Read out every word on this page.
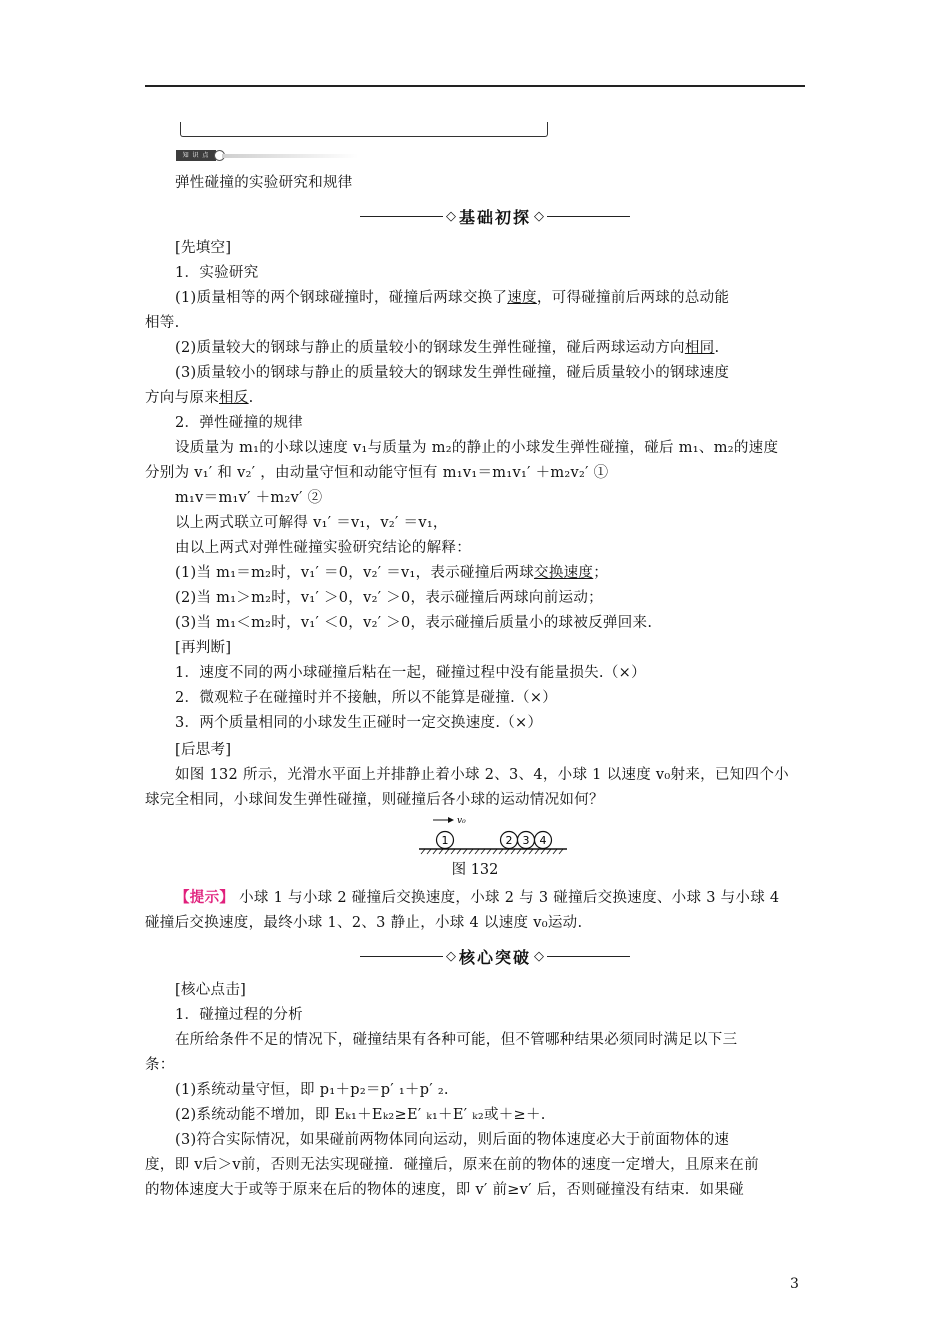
知 识 点
弹性碰撞的实验研究和规律
◇ 基础初探 ◇
[先填空]
1．实验研究
(1)质量相等的两个钢球碰撞时，碰撞后两球交换了速度，可得碰撞前后两球的总动能
相等.
(2)质量较大的钢球与静止的质量较小的钢球发生弹性碰撞，碰后两球运动方向相同.
(3)质量较小的钢球与静止的质量较大的钢球发生弹性碰撞，碰后质量较小的钢球速度
方向与原来相反.
2．弹性碰撞的规律
设质量为 m₁的小球以速度 v₁与质量为 m₂的静止的小球发生弹性碰撞，碰后 m₁、m₂的速度
分别为 v₁′ 和 v₂′ ，由动量守恒和动能守恒有 m₁v₁＝m₁v₁′ ＋m₂v₂′ ①
m₁v＝m₁v′ ＋m₂v′ ②
以上两式联立可解得 v₁′ ＝v₁，v₂′ ＝v₁，
由以上两式对弹性碰撞实验研究结论的解释：
(1)当 m₁＝m₂时，v₁′ ＝0，v₂′ ＝v₁，表示碰撞后两球交换速度；
(2)当 m₁＞m₂时，v₁′ ＞0，v₂′ ＞0，表示碰撞后两球向前运动；
(3)当 m₁＜m₂时，v₁′ ＜0，v₂′ ＞0，表示碰撞后质量小的球被反弹回来.
[再判断]
1．速度不同的两小球碰撞后粘在一起，碰撞过程中没有能量损失.（×）
2．微观粒子在碰撞时并不接触，所以不能算是碰撞.（×）
3．两个质量相同的小球发生正碰时一定交换速度.（×）
[后思考]
如图 132 所示，光滑水平面上并排静止着小球 2、3、4，小球 1 以速度 v₀射来，已知四个小
球完全相同，小球间发生弹性碰撞，则碰撞后各小球的运动情况如何？
v₀
1	2 3 4
图 132
【提示】 小球 1 与小球 2 碰撞后交换速度，小球 2 与 3 碰撞后交换速度、小球 3 与小球 4
碰撞后交换速度，最终小球 1、2、3 静止，小球 4 以速度 v₀运动.
◇ 核心突破 ◇
[核心点击]
1．碰撞过程的分析
在所给条件不足的情况下，碰撞结果有各种可能，但不管哪种结果必须同时满足以下三
条：
(1)系统动量守恒，即 p₁＋p₂＝p′ ₁＋p′ ₂.
(2)系统动能不增加，即 Eₖ₁＋Eₖ₂≥E′ ₖ₁＋E′ ₖ₂或＋≥＋.
(3)符合实际情况，如果碰前两物体同向运动，则后面的物体速度必大于前面物体的速
度，即 v后＞v前，否则无法实现碰撞．碰撞后，原来在前的物体的速度一定增大，且原来在前
的物体速度大于或等于原来在后的物体的速度，即 v′ 前≥v′ 后，否则碰撞没有结束．如果碰
3
